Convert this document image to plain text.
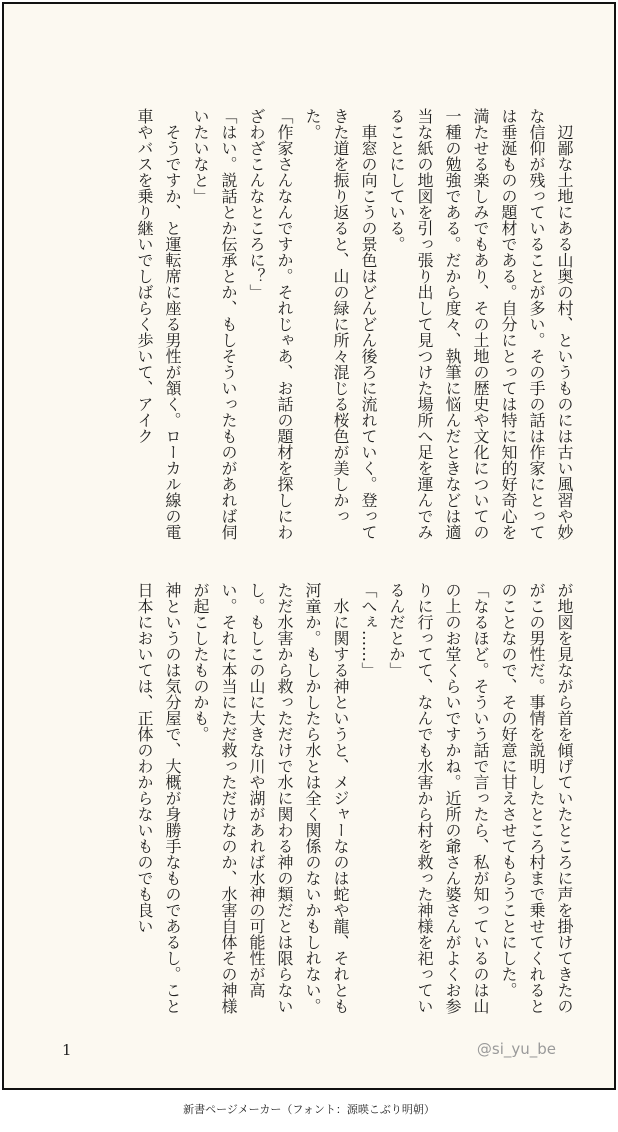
辺鄙な土地にある山奥の村、というものには古い風習や妙な信仰が残っていることが多い。その手の話は作家にとっては垂涎ものの題材である。自分にとっては特に知的好奇心を満たせる楽しみでもあり、その土地の歴史や文化についての一種の勉強である。だから度々、執筆に悩んだときなどは適当な紙の地図を引っ張り出して見つけた場所へ足を運んでみることにしている。

車窓の向こうの景色はどんどん後ろに流れていく。登ってきた道を振り返ると、山の緑に所々混じる桜色が美しかった。

「作家さんなんですか。それじゃあ、お話の題材を探しにわざわざこんなところに？」

「はい。説話とか伝承とか、もしそういったものがあれば伺いたいなと」

そうですか、と運転席に座る男性が頷く。ローカル線の電車やバスを乗り継いでしばらく歩いて、アイク

が地図を見ながら首を傾げていたところに声を掛けてきたのがこの男性だ。事情を説明したところ村まで乗せてくれるとのことなので、その好意に甘えさせてもらうことにした。

「なるほど。そういう話で言ったら、私が知っているのは山の上のお堂くらいですかね。近所の爺さん婆さんがよくお参りに行ってて、なんでも水害から村を救った神様を祀っているんだとか」

「へぇ……」

水に関する神というと、メジャーなのは蛇や龍、それとも河童か。もしかしたら水とは全く関係のないかもしれない。ただ水害から救っただけで水に関わる神の類だとは限らないし。もしこの山に大きな川や湖があれば水神の可能性が高い。それに本当にただ救っただけなのか、水害自体その神様が起こしたものかも。

神というのは気分屋で、大概が身勝手なものであるし。こと日本においては、正体のわからないものでも良い

1	@si_yu_be
新書ページメーカー（フォント：源暎こぶり明朝）
